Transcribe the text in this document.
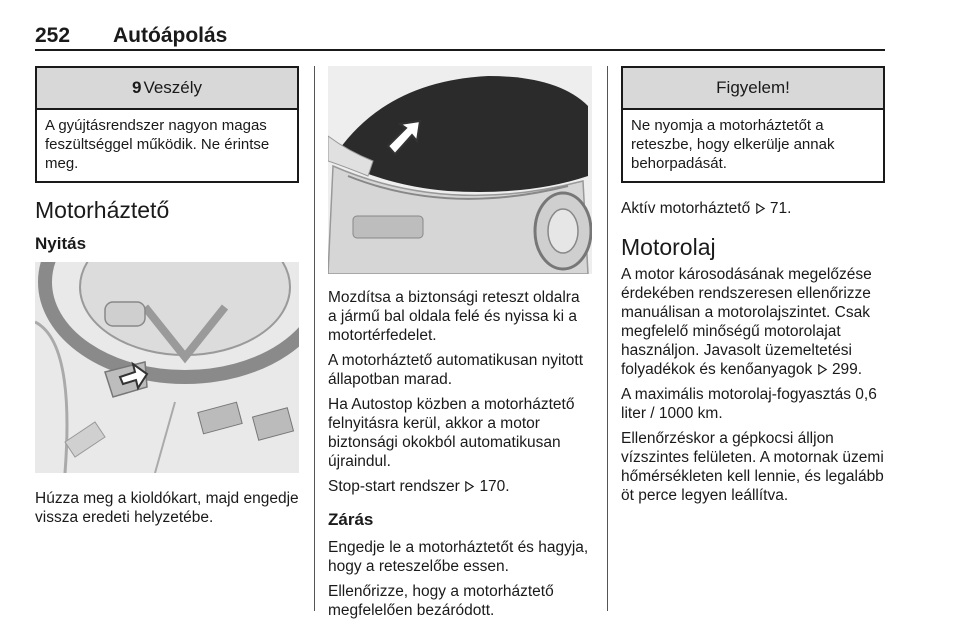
252 Autóápolás
9 Veszély
A gyújtásrendszer nagyon magas feszültséggel működik. Ne érintse meg.
Motorháztető
Nyitás

Húzza meg a kioldókart, majd engedje vissza eredeti helyzetébe.

Mozdítsa a biztonsági reteszt oldalra a jármű bal oldala felé és nyissa ki a motortérfedelet.

A motorháztető automatikusan nyitott állapotban marad.

Ha Autostop közben a motorháztető felnyitásra kerül, akkor a motor biztonsági okokból automatikusan újraindul.

Stop-start rendszer 170.

Zárás

Engedje le a motorháztetőt és hagyja, hogy a reteszelőbe essen.

Ellenőrizze, hogy a motorháztető megfelelően bezáródott.

Figyelem!
Ne nyomja a motorháztetőt a reteszbe, hogy elkerülje annak behorpadását.

Aktív motorháztető 71.

Motorolaj

A motor károsodásának megelőzése érdekében rendszeresen ellenőrizze manuálisan a motorolajszintet. Csak megfelelő minőségű motorolajat használjon. Javasolt üzemeltetési folyadékok és kenőanyagok 299.

A maximális motorolaj-fogyasztás 0,6 liter / 1000 km.

Ellenőrzéskor a gépkocsi álljon vízszintes felületen. A motornak üzemi hőmérsékleten kell lennie, és legalább öt perce legyen leállítva.
